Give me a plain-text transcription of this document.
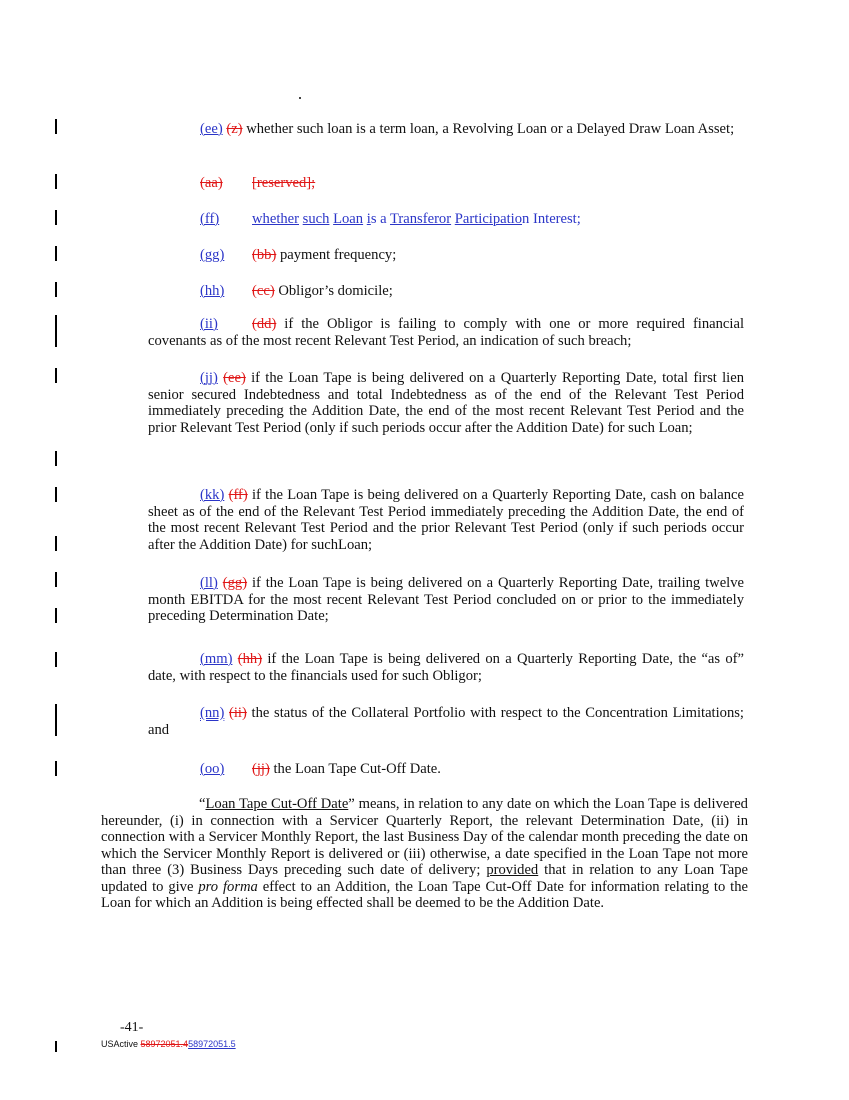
(ee) (z) whether such loan is a term loan, a Revolving Loan or a Delayed Draw Loan Asset;
(aa) [reserved];
(ff) whether such Loan is a Transferor Participation Interest;
(gg) (bb) payment frequency;
(hh) (cc) Obligor’s domicile;
(ii) (dd) if the Obligor is failing to comply with one or more required financial covenants as of the most recent Relevant Test Period, an indication of such breach;
(jj) (ee) if the Loan Tape is being delivered on a Quarterly Reporting Date, total first lien senior secured Indebtedness and total Indebtedness as of the end of the Relevant Test Period immediately preceding the Addition Date, the end of the most recent Relevant Test Period and the prior Relevant Test Period (only if such periods occur after the Addition Date) for such Loan;
(kk) (ff) if the Loan Tape is being delivered on a Quarterly Reporting Date, cash on balance sheet as of the end of the Relevant Test Period immediately preceding the Addition Date, the end of the most recent Relevant Test Period and the prior Relevant Test Period (only if such periods occur after the Addition Date) for suchLoan;
(ll) (gg) if the Loan Tape is being delivered on a Quarterly Reporting Date, trailing twelve month EBITDA for the most recent Relevant Test Period concluded on or prior to the immediately preceding Determination Date;
(mm) (hh) if the Loan Tape is being delivered on a Quarterly Reporting Date, the “as of” date, with respect to the financials used for such Obligor;
(nn) (ii) the status of the Collateral Portfolio with respect to the Concentration Limitations; and
(oo) (jj) the Loan Tape Cut-Off Date.
“Loan Tape Cut-Off Date” means, in relation to any date on which the Loan Tape is delivered hereunder, (i) in connection with a Servicer Quarterly Report, the relevant Determination Date, (ii) in connection with a Servicer Monthly Report, the last Business Day of the calendar month preceding the date on which the Servicer Monthly Report is delivered or (iii) otherwise, a date specified in the Loan Tape not more than three (3) Business Days preceding such date of delivery; provided that in relation to any Loan Tape updated to give pro forma effect to an Addition, the Loan Tape Cut-Off Date for information relating to the Loan for which an Addition is being effected shall be deemed to be the Addition Date.
-41-
USActive 58972051.458972051.5
